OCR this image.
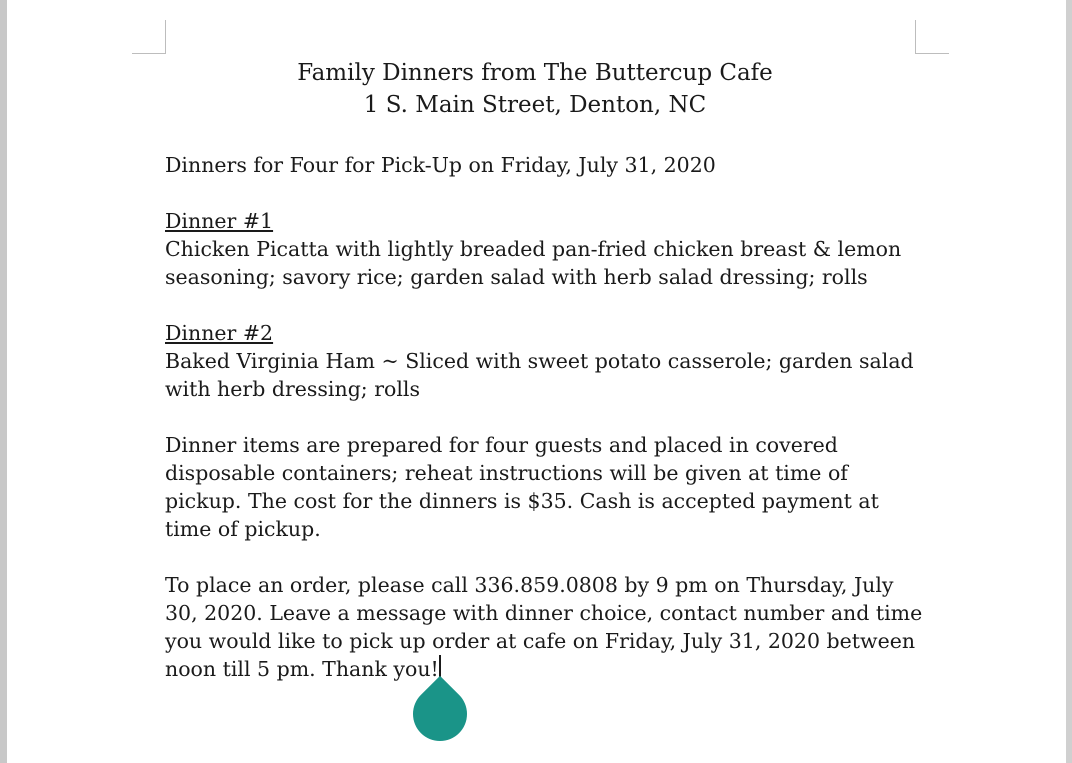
Family Dinners from The Buttercup Cafe
1 S. Main Street, Denton, NC
Dinners for Four for Pick-Up on Friday, July 31, 2020
Dinner #1
Chicken Picatta with lightly breaded pan-fried chicken breast & lemon
seasoning; savory rice; garden salad with herb salad dressing; rolls
Dinner #2
Baked Virginia Ham ~ Sliced with sweet potato casserole; garden salad
with herb dressing; rolls
Dinner items are prepared for four guests and placed in covered
disposable containers; reheat instructions will be given at time of
pickup. The cost for the dinners is $35. Cash is accepted payment at
time of pickup.
To place an order, please call 336.859.0808 by 9 pm on Thursday, July
30, 2020. Leave a message with dinner choice, contact number and time
you would like to pick up order at cafe on Friday, July 31, 2020 between
noon till 5 pm. Thank you!
